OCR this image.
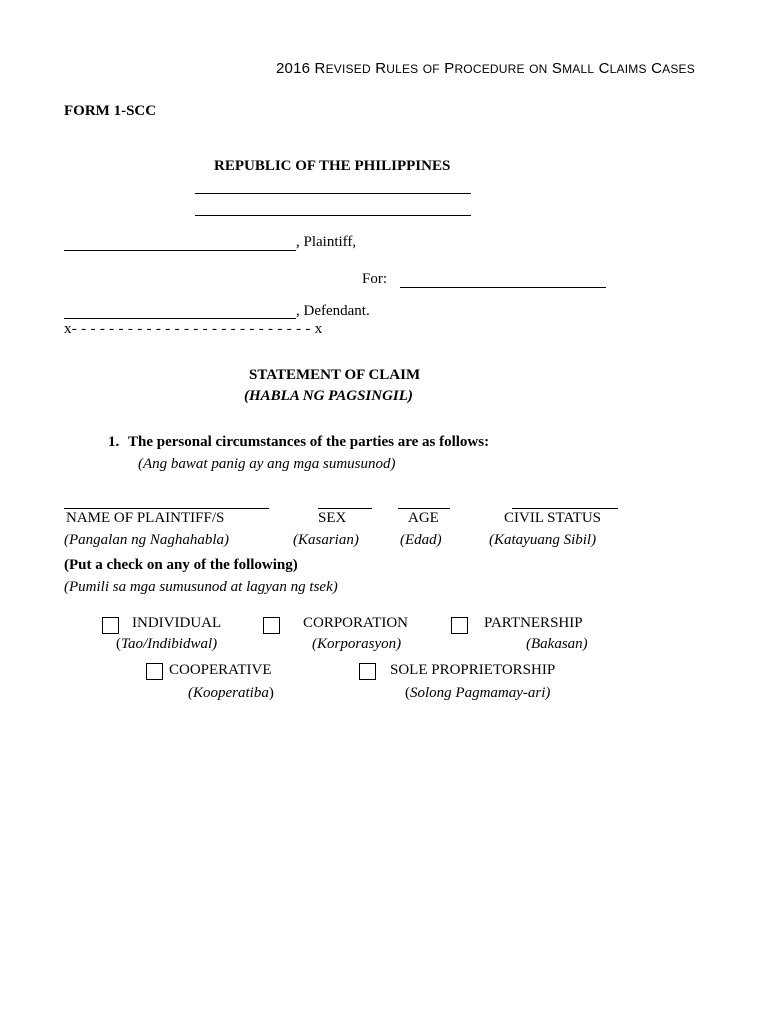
2016 REVISED RULES OF PROCEDURE ON SMALL CLAIMS CASES
FORM 1-SCC
REPUBLIC OF THE PHILIPPINES
, Plaintiff,
For:
, Defendant.
x- - - - - - - - - - - - - - - - - - - - - - - - - - x
STATEMENT OF CLAIM
(HABLA NG PAGSINGIL)
1. The personal circumstances of the parties are as follows:
(Ang bawat panig ay ang mga sumusunod)
NAME OF PLAINTIFF/S	SEX	AGE	CIVIL STATUS
(Pangalan ng Naghahabla)	(Kasarian)	(Edad)	(Katayuang Sibil)
(Put a check on any of the following)
(Pumili sa mga sumusunod at lagyan ng tsek)
INDIVIDUAL
(Tao/Indibidwal)
CORPORATION
(Korporasyon)
PARTNERSHIP
(Bakasan)
COOPERATIVE
(Kooperatiba)
SOLE PROPRIETORSHIP
(Solong Pagmamay-ari)
